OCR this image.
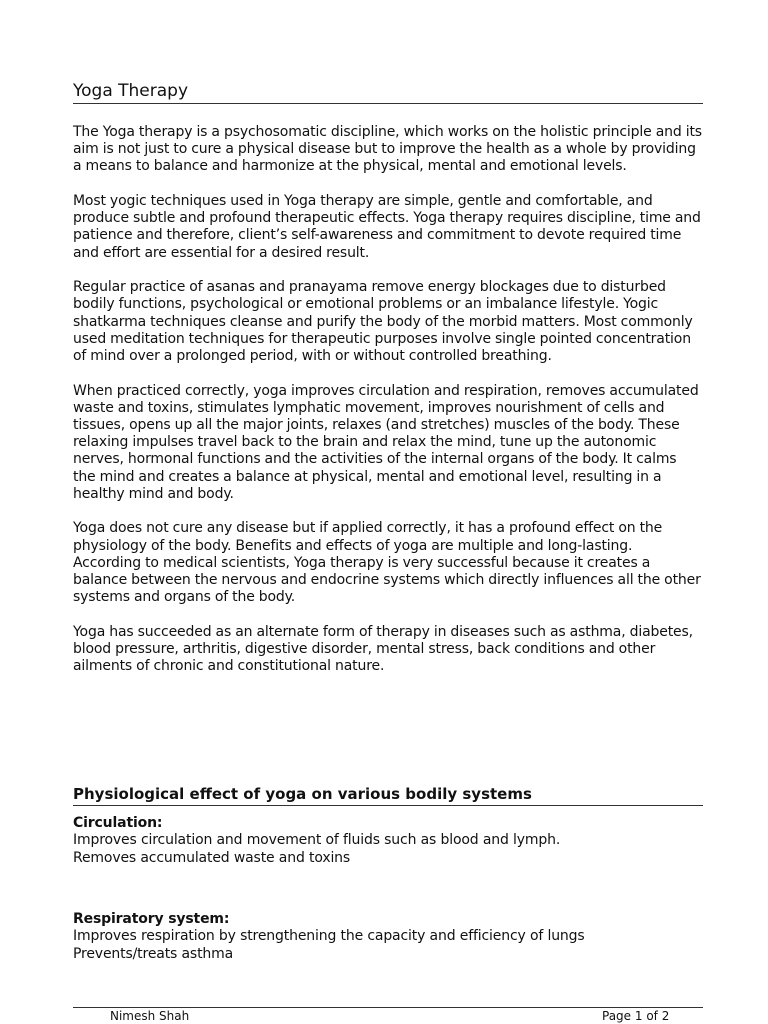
Yoga Therapy

The Yoga therapy is a psychosomatic discipline, which works on the holistic principle and its aim is not just to cure a physical disease but to improve the health as a whole by providing a means to balance and harmonize at the physical, mental and emotional levels.

Most yogic techniques used in Yoga therapy are simple, gentle and comfortable, and produce subtle and profound therapeutic effects. Yoga therapy requires discipline, time and patience and therefore, client’s self-awareness and commitment to devote required time and effort are essential for a desired result.

Regular practice of asanas and pranayama remove energy blockages due to disturbed bodily functions, psychological or emotional problems or an imbalance lifestyle. Yogic shatkarma techniques cleanse and purify the body of the morbid matters. Most commonly used meditation techniques for therapeutic purposes involve single pointed concentration of mind over a prolonged period, with or without controlled breathing.

When practiced correctly, yoga improves circulation and respiration, removes accumulated waste and toxins, stimulates lymphatic movement, improves nourishment of cells and tissues, opens up all the major joints, relaxes (and stretches) muscles of the body. These relaxing impulses travel back to the brain and relax the mind, tune up the autonomic nerves, hormonal functions and the activities of the internal organs of the body. It calms the mind and creates a balance at physical, mental and emotional level, resulting in a healthy mind and body.

Yoga does not cure any disease but if applied correctly, it has a profound effect on the physiology of the body. Benefits and effects of yoga are multiple and long-lasting. According to medical scientists, Yoga therapy is very successful because it creates a balance between the nervous and endocrine systems which directly influences all the other systems and organs of the body.

Yoga has succeeded as an alternate form of therapy in diseases such as asthma, diabetes, blood pressure, arthritis, digestive disorder, mental stress, back conditions and other ailments of chronic and constitutional nature.

Physiological effect of yoga on various bodily systems
Circulation:
Improves circulation and movement of fluids such as blood and lymph.
Removes accumulated waste and toxins
Respiratory system:
Improves respiration by strengthening the capacity and efficiency of lungs
Prevents/treats asthma
Nimesh Shah	Page 1 of 2
